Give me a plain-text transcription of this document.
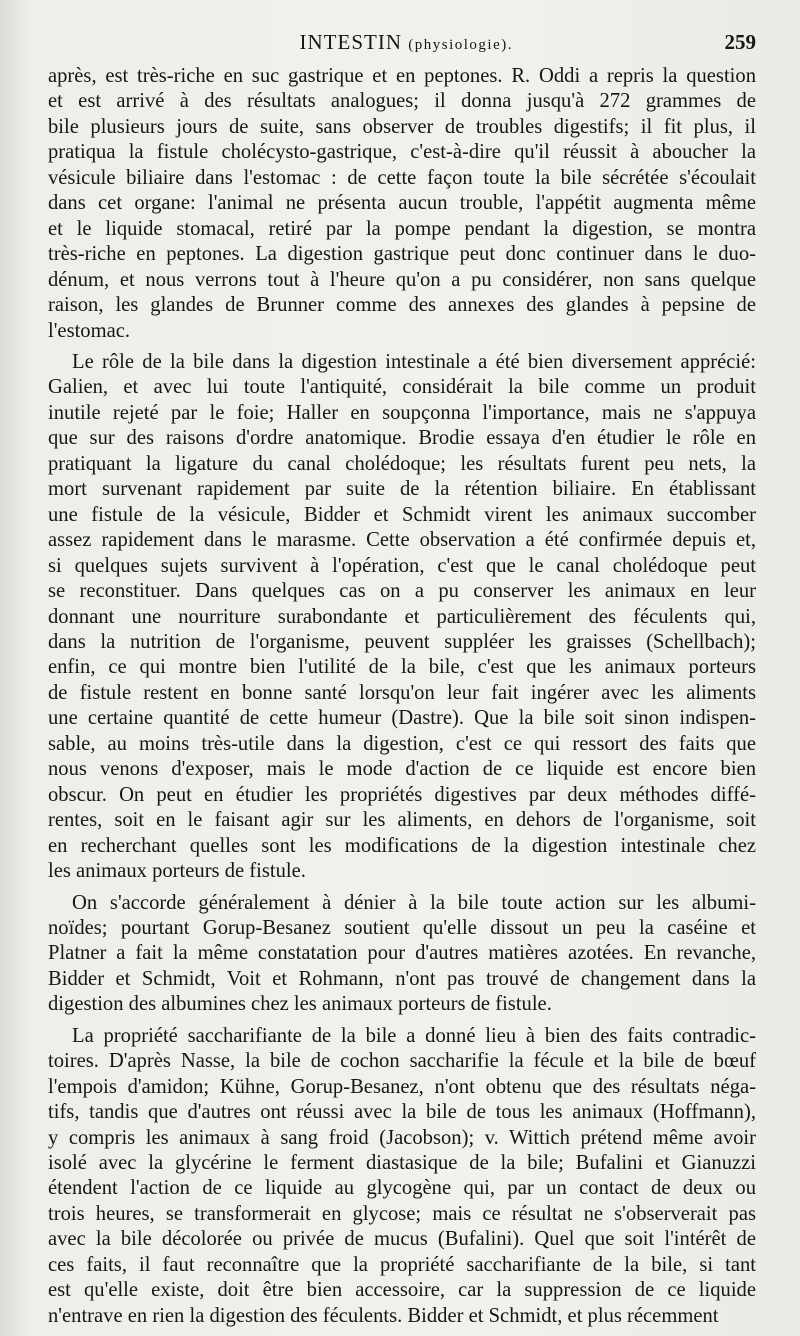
INTESTIN (physiologie).	259
après, est très-riche en suc gastrique et en peptones. R. Oddi a repris la question
et est arrivé à des résultats analogues; il donna jusqu'à 272 grammes de
bile plusieurs jours de suite, sans observer de troubles digestifs; il fit plus, il
pratiqua la fistule cholécysto-gastrique, c'est-à-dire qu'il réussit à aboucher la
vésicule biliaire dans l'estomac : de cette façon toute la bile sécrétée s'écoulait
dans cet organe: l'animal ne présenta aucun trouble, l'appétit augmenta même
et le liquide stomacal, retiré par la pompe pendant la digestion, se montra
très-riche en peptones. La digestion gastrique peut donc continuer dans le duo-
dénum, et nous verrons tout à l'heure qu'on a pu considérer, non sans quelque
raison, les glandes de Brunner comme des annexes des glandes à pepsine de
l'estomac.
Le rôle de la bile dans la digestion intestinale a été bien diversement apprécié:
Galien, et avec lui toute l'antiquité, considérait la bile comme un produit
inutile rejeté par le foie; Haller en soupçonna l'importance, mais ne s'appuya
que sur des raisons d'ordre anatomique. Brodie essaya d'en étudier le rôle en
pratiquant la ligature du canal cholédoque; les résultats furent peu nets, la
mort survenant rapidement par suite de la rétention biliaire. En établissant
une fistule de la vésicule, Bidder et Schmidt virent les animaux succomber
assez rapidement dans le marasme. Cette observation a été confirmée depuis et,
si quelques sujets survivent à l'opération, c'est que le canal cholédoque peut
se reconstituer. Dans quelques cas on a pu conserver les animaux en leur
donnant une nourriture surabondante et particulièrement des féculents qui,
dans la nutrition de l'organisme, peuvent suppléer les graisses (Schellbach);
enfin, ce qui montre bien l'utilité de la bile, c'est que les animaux porteurs
de fistule restent en bonne santé lorsqu'on leur fait ingérer avec les aliments
une certaine quantité de cette humeur (Dastre). Que la bile soit sinon indispen-
sable, au moins très-utile dans la digestion, c'est ce qui ressort des faits que
nous venons d'exposer, mais le mode d'action de ce liquide est encore bien
obscur. On peut en étudier les propriétés digestives par deux méthodes diffé-
rentes, soit en le faisant agir sur les aliments, en dehors de l'organisme, soit
en recherchant quelles sont les modifications de la digestion intestinale chez
les animaux porteurs de fistule.
On s'accorde généralement à dénier à la bile toute action sur les albumi-
noïdes; pourtant Gorup-Besanez soutient qu'elle dissout un peu la caséine et
Platner a fait la même constatation pour d'autres matières azotées. En revanche,
Bidder et Schmidt, Voit et Rohmann, n'ont pas trouvé de changement dans la
digestion des albumines chez les animaux porteurs de fistule.
La propriété saccharifiante de la bile a donné lieu à bien des faits contradic-
toires. D'après Nasse, la bile de cochon saccharifie la fécule et la bile de bœuf
l'empois d'amidon; Kühne, Gorup-Besanez, n'ont obtenu que des résultats néga-
tifs, tandis que d'autres ont réussi avec la bile de tous les animaux (Hoffmann),
y compris les animaux à sang froid (Jacobson); v. Wittich prétend même avoir
isolé avec la glycérine le ferment diastasique de la bile; Bufalini et Gianuzzi
étendent l'action de ce liquide au glycogène qui, par un contact de deux ou
trois heures, se transformerait en glycose; mais ce résultat ne s'observerait pas
avec la bile décolorée ou privée de mucus (Bufalini). Quel que soit l'intérêt de
ces faits, il faut reconnaître que la propriété saccharifiante de la bile, si tant
est qu'elle existe, doit être bien accessoire, car la suppression de ce liquide
n'entrave en rien la digestion des féculents. Bidder et Schmidt, et plus récemment
